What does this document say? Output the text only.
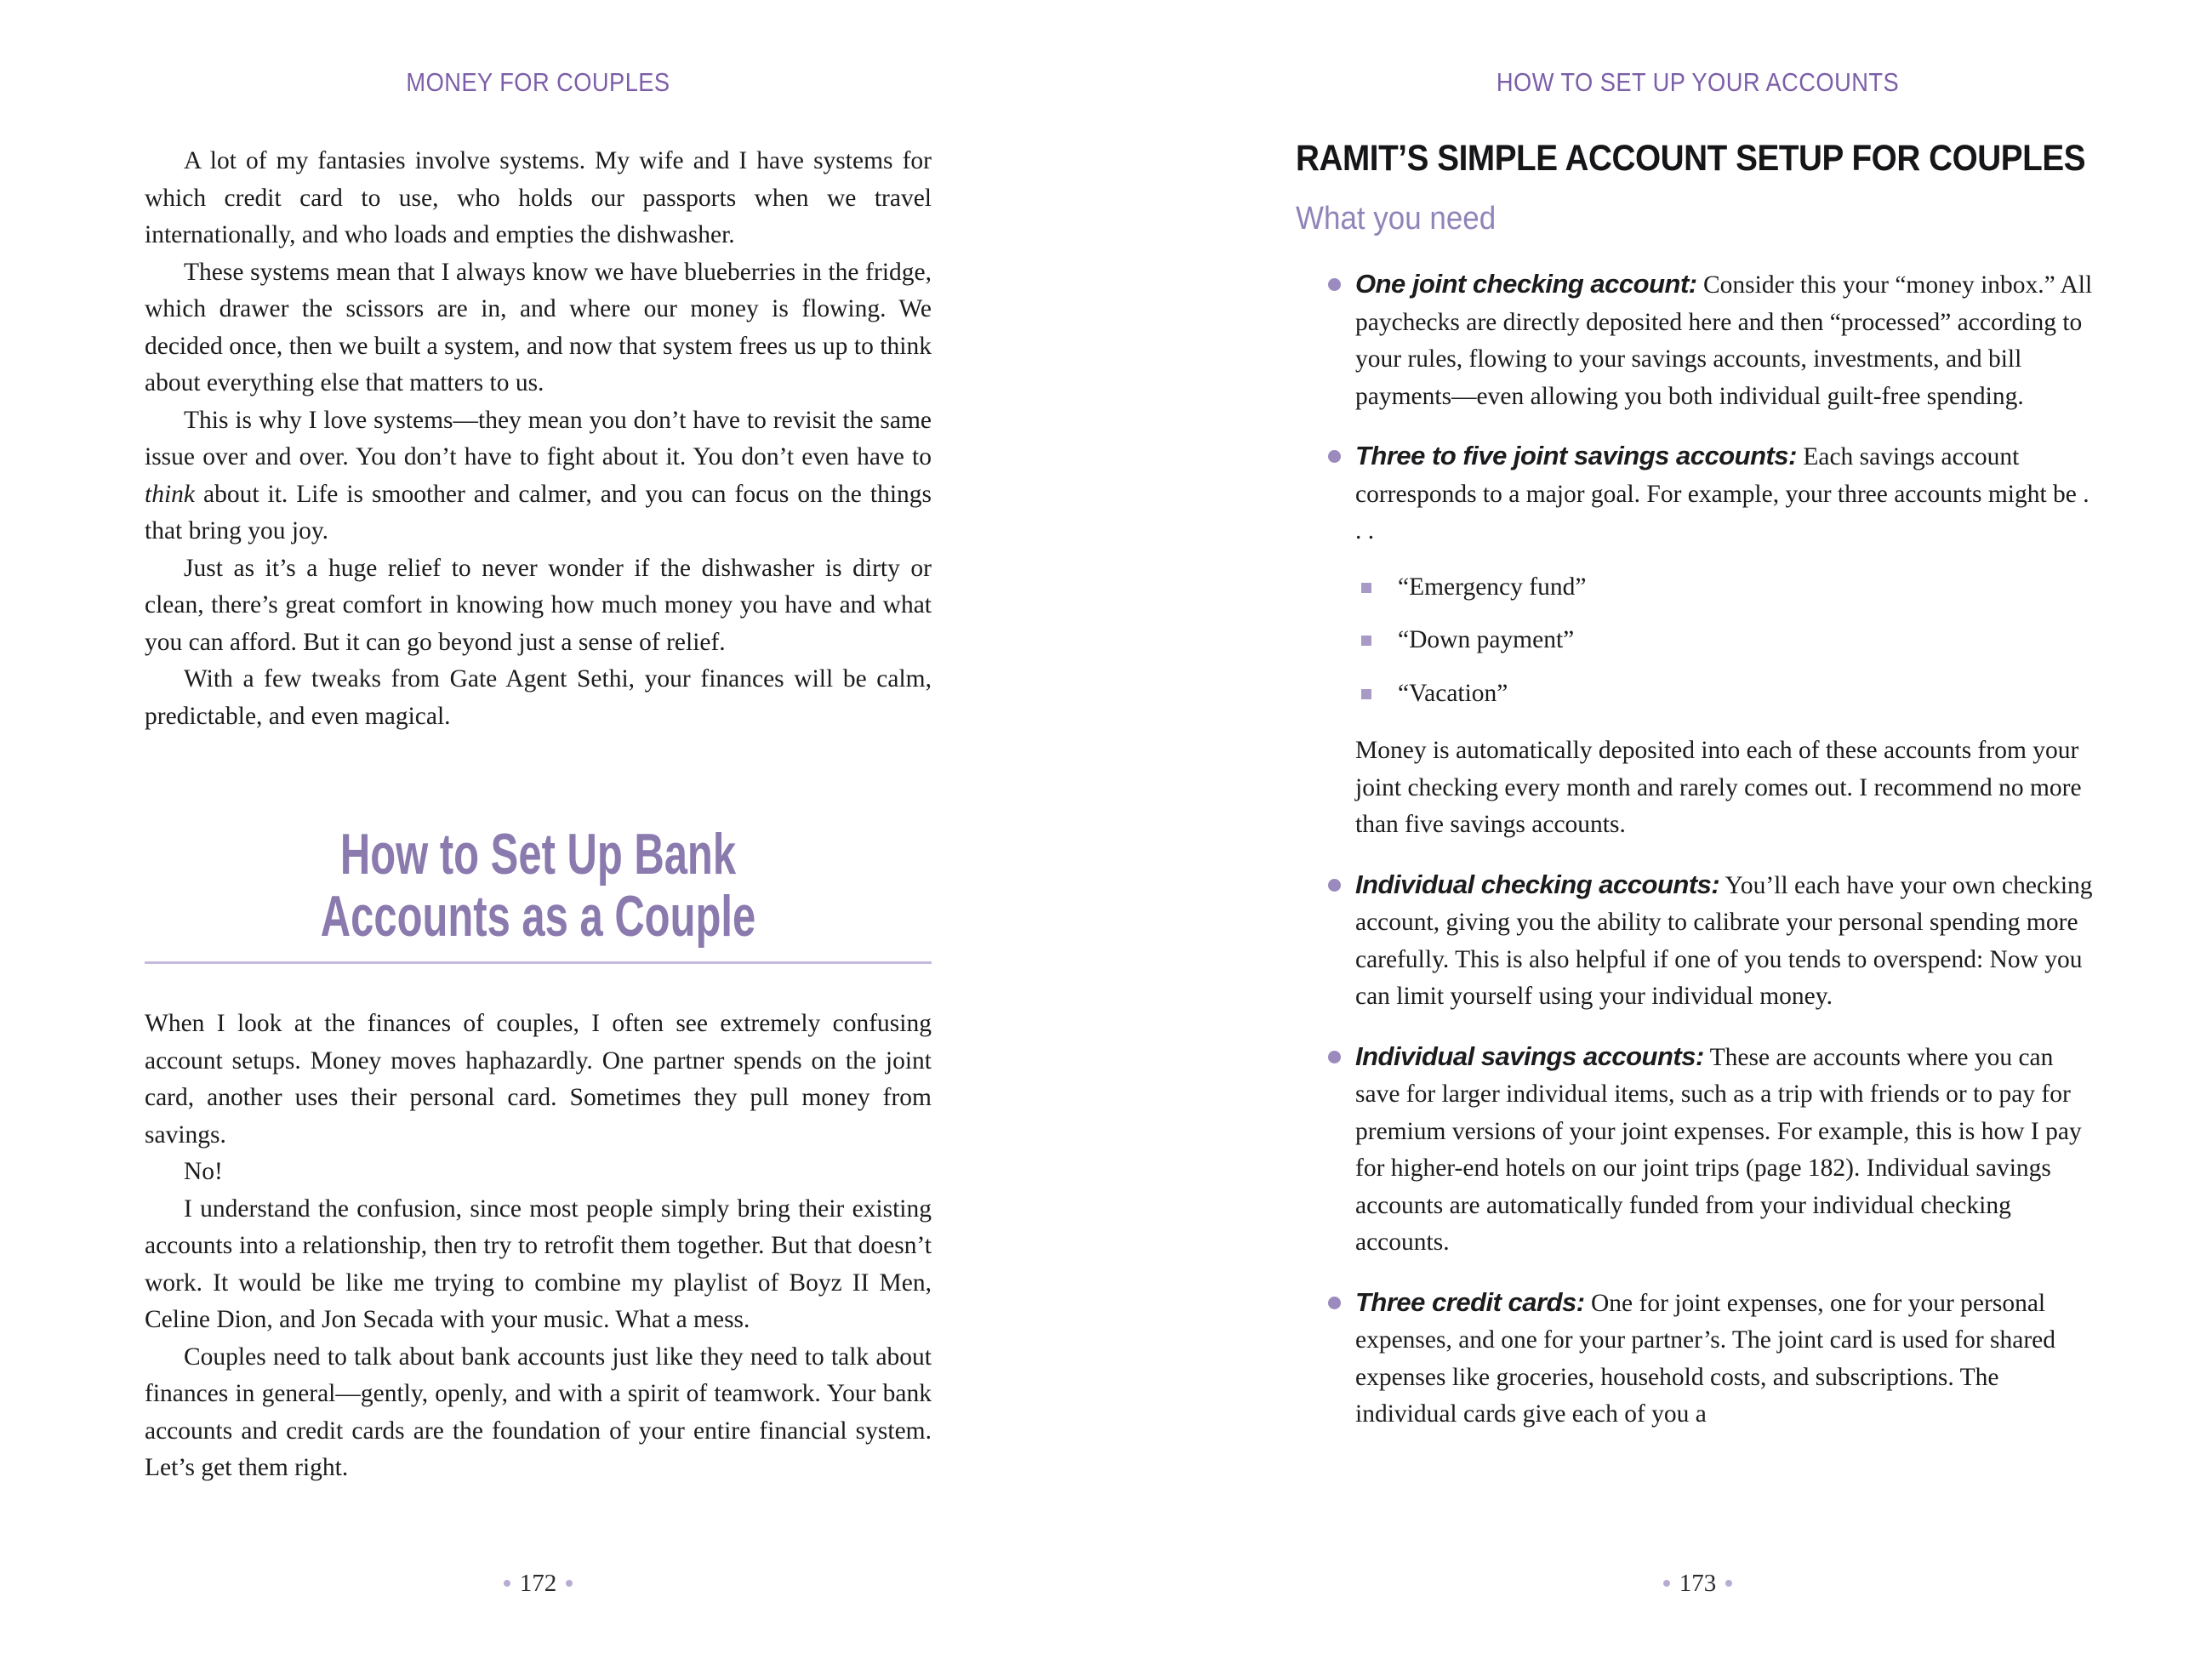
MONEY FOR COUPLES

A lot of my fantasies involve systems. My wife and I have systems for which credit card to use, who holds our passports when we travel internationally, and who loads and empties the dishwasher.

These systems mean that I always know we have blueberries in the fridge, which drawer the scissors are in, and where our money is flowing. We decided once, then we built a system, and now that system frees us up to think about everything else that matters to us.

This is why I love systems—they mean you don’t have to revisit the same issue over and over. You don’t have to fight about it. You don’t even have to think about it. Life is smoother and calmer, and you can focus on the things that bring you joy.

Just as it’s a huge relief to never wonder if the dishwasher is dirty or clean, there’s great comfort in knowing how much money you have and what you can afford. But it can go beyond just a sense of relief.

With a few tweaks from Gate Agent Sethi, your finances will be calm, predictable, and even magical.

How to Set Up Bank
Accounts as a Couple

When I look at the finances of couples, I often see extremely confusing account setups. Money moves haphazardly. One partner spends on the joint card, another uses their personal card. Sometimes they pull money from savings.

No!

I understand the confusion, since most people simply bring their existing accounts into a relationship, then try to retrofit them together. But that doesn’t work. It would be like me trying to combine my playlist of Boyz II Men, Celine Dion, and Jon Secada with your music. What a mess.

Couples need to talk about bank accounts just like they need to talk about finances in general—gently, openly, and with a spirit of teamwork. Your bank accounts and credit cards are the foundation of your entire financial system. Let’s get them right.

172
HOW TO SET UP YOUR ACCOUNTS
RAMIT’S SIMPLE ACCOUNT SETUP FOR COUPLES
What you need
One joint checking account: Consider this your “money inbox.” All paychecks are directly deposited here and then “processed” according to your rules, flowing to your savings accounts, investments, and bill payments—even allowing you both individual guilt-free spending.
Three to five joint savings accounts: Each savings account corresponds to a major goal. For example, your three accounts might be . . .
“Emergency fund”
“Down payment”
“Vacation”

Money is automatically deposited into each of these accounts from your joint checking every month and rarely comes out. I recommend no more than five savings accounts.

Individual checking accounts: You’ll each have your own checking account, giving you the ability to calibrate your personal spending more carefully. This is also helpful if one of you tends to overspend: Now you can limit yourself using your individual money.
Individual savings accounts: These are accounts where you can save for larger individual items, such as a trip with friends or to pay for premium versions of your joint expenses. For example, this is how I pay for higher-end hotels on our joint trips (page 182). Individual savings accounts are automatically funded from your individual checking accounts.
Three credit cards: One for joint expenses, one for your personal expenses, and one for your partner’s. The joint card is used for shared expenses like groceries, household costs, and subscriptions. The individual cards give each of you a
173
